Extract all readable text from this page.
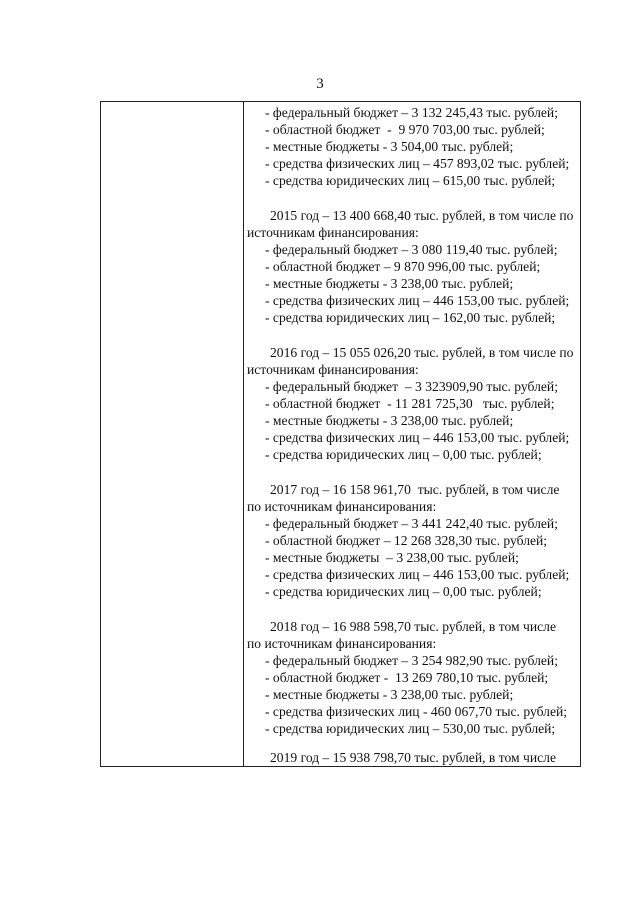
3
- федеральный бюджет – 3 132 245,43 тыс. рублей;
- областной бюджет  -  9 970 703,00 тыс. рублей;
- местные бюджеты - 3 504,00 тыс. рублей;
- средства физических лиц – 457 893,02 тыс. рублей;
- средства юридических лиц – 615,00 тыс. рублей;
2015 год – 13 400 668,40 тыс. рублей, в том числе по
источникам финансирования:
- федеральный бюджет – 3 080 119,40 тыс. рублей;
- областной бюджет – 9 870 996,00 тыс. рублей;
- местные бюджеты - 3 238,00 тыс. рублей;
- средства физических лиц – 446 153,00 тыс. рублей;
- средства юридических лиц – 162,00 тыс. рублей;
2016 год – 15 055 026,20 тыс. рублей, в том числе по
источникам финансирования:
- федеральный бюджет  – 3 323909,90 тыс. рублей;
- областной бюджет  - 11 281 725,30   тыс. рублей;
- местные бюджеты - 3 238,00 тыс. рублей;
- средства физических лиц – 446 153,00 тыс. рублей;
- средства юридических лиц – 0,00 тыс. рублей;
2017 год – 16 158 961,70  тыс. рублей, в том числе
по источникам финансирования:
- федеральный бюджет – 3 441 242,40 тыс. рублей;
- областной бюджет – 12 268 328,30 тыс. рублей;
- местные бюджеты  – 3 238,00 тыс. рублей;
- средства физических лиц – 446 153,00 тыс. рублей;
- средства юридических лиц – 0,00 тыс. рублей;
2018 год – 16 988 598,70 тыс. рублей, в том числе
по источникам финансирования:
- федеральный бюджет – 3 254 982,90 тыс. рублей;
- областной бюджет -  13 269 780,10 тыс. рублей;
- местные бюджеты - 3 238,00 тыс. рублей;
- средства физических лиц - 460 067,70 тыс. рублей;
- средства юридических лиц – 530,00 тыс. рублей;
2019 год – 15 938 798,70 тыс. рублей, в том числе
